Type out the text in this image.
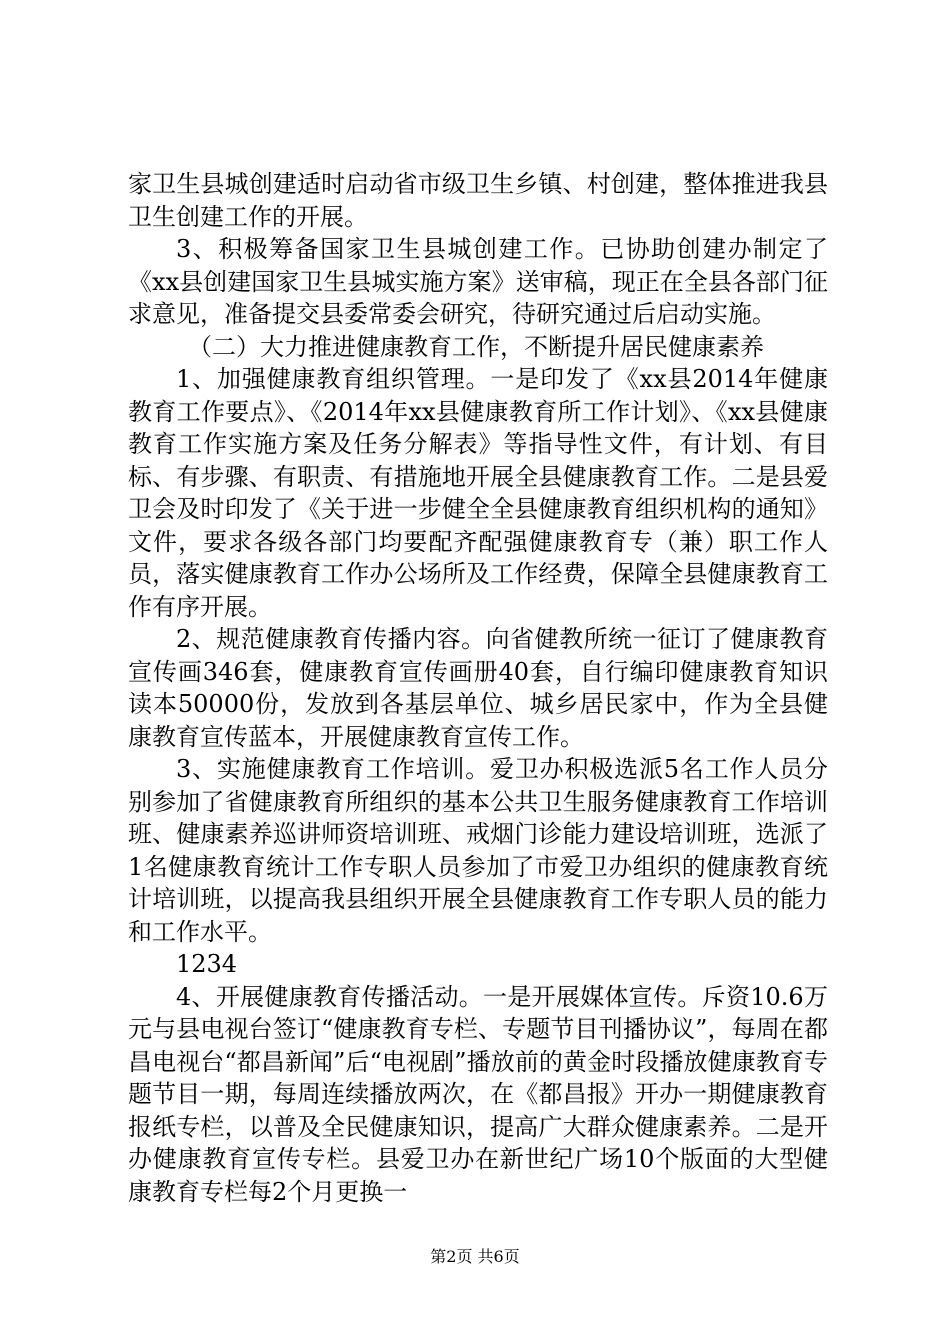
家卫生县城创建适时启动省市级卫生乡镇、村创建，整体推进我县卫生创建工作的开展。

3、积极筹备国家卫生县城创建工作。已协助创建办制定了《xx县创建国家卫生县城实施方案》送审稿，现正在全县各部门征求意见，准备提交县委常委会研究，待研究通过后启动实施。

（二）大力推进健康教育工作，不断提升居民健康素养

1、加强健康教育组织管理。一是印发了《xx县2014年健康教育工作要点》、《2014年xx县健康教育所工作计划》、《xx县健康教育工作实施方案及任务分解表》等指导性文件，有计划、有目标、有步骤、有职责、有措施地开展全县健康教育工作。二是县爱卫会及时印发了《关于进一步健全全县健康教育组织机构的通知》文件，要求各级各部门均要配齐配强健康教育专（兼）职工作人员，落实健康教育工作办公场所及工作经费，保障全县健康教育工作有序开展。

2、规范健康教育传播内容。向省健教所统一征订了健康教育宣传画346套，健康教育宣传画册40套，自行编印健康教育知识读本50000份，发放到各基层单位、城乡居民家中，作为全县健康教育宣传蓝本，开展健康教育宣传工作。

3、实施健康教育工作培训。爱卫办积极选派5名工作人员分别参加了省健康教育所组织的基本公共卫生服务健康教育工作培训班、健康素养巡讲师资培训班、戒烟门诊能力建设培训班，选派了1名健康教育统计工作专职人员参加了市爱卫办组织的健康教育统计培训班，以提高我县组织开展全县健康教育工作专职人员的能力和工作水平。

1234

4、开展健康教育传播活动。一是开展媒体宣传。斥资10.6万元与县电视台签订“健康教育专栏、专题节目刊播协议”，每周在都昌电视台“都昌新闻”后“电视剧”播放前的黄金时段播放健康教育专题节目一期，每周连续播放两次，在《都昌报》开办一期健康教育报纸专栏，以普及全民健康知识，提高广大群众健康素养。二是开办健康教育宣传专栏。县爱卫办在新世纪广场10个版面的大型健康教育专栏每2个月更换一

第2页 共6页
